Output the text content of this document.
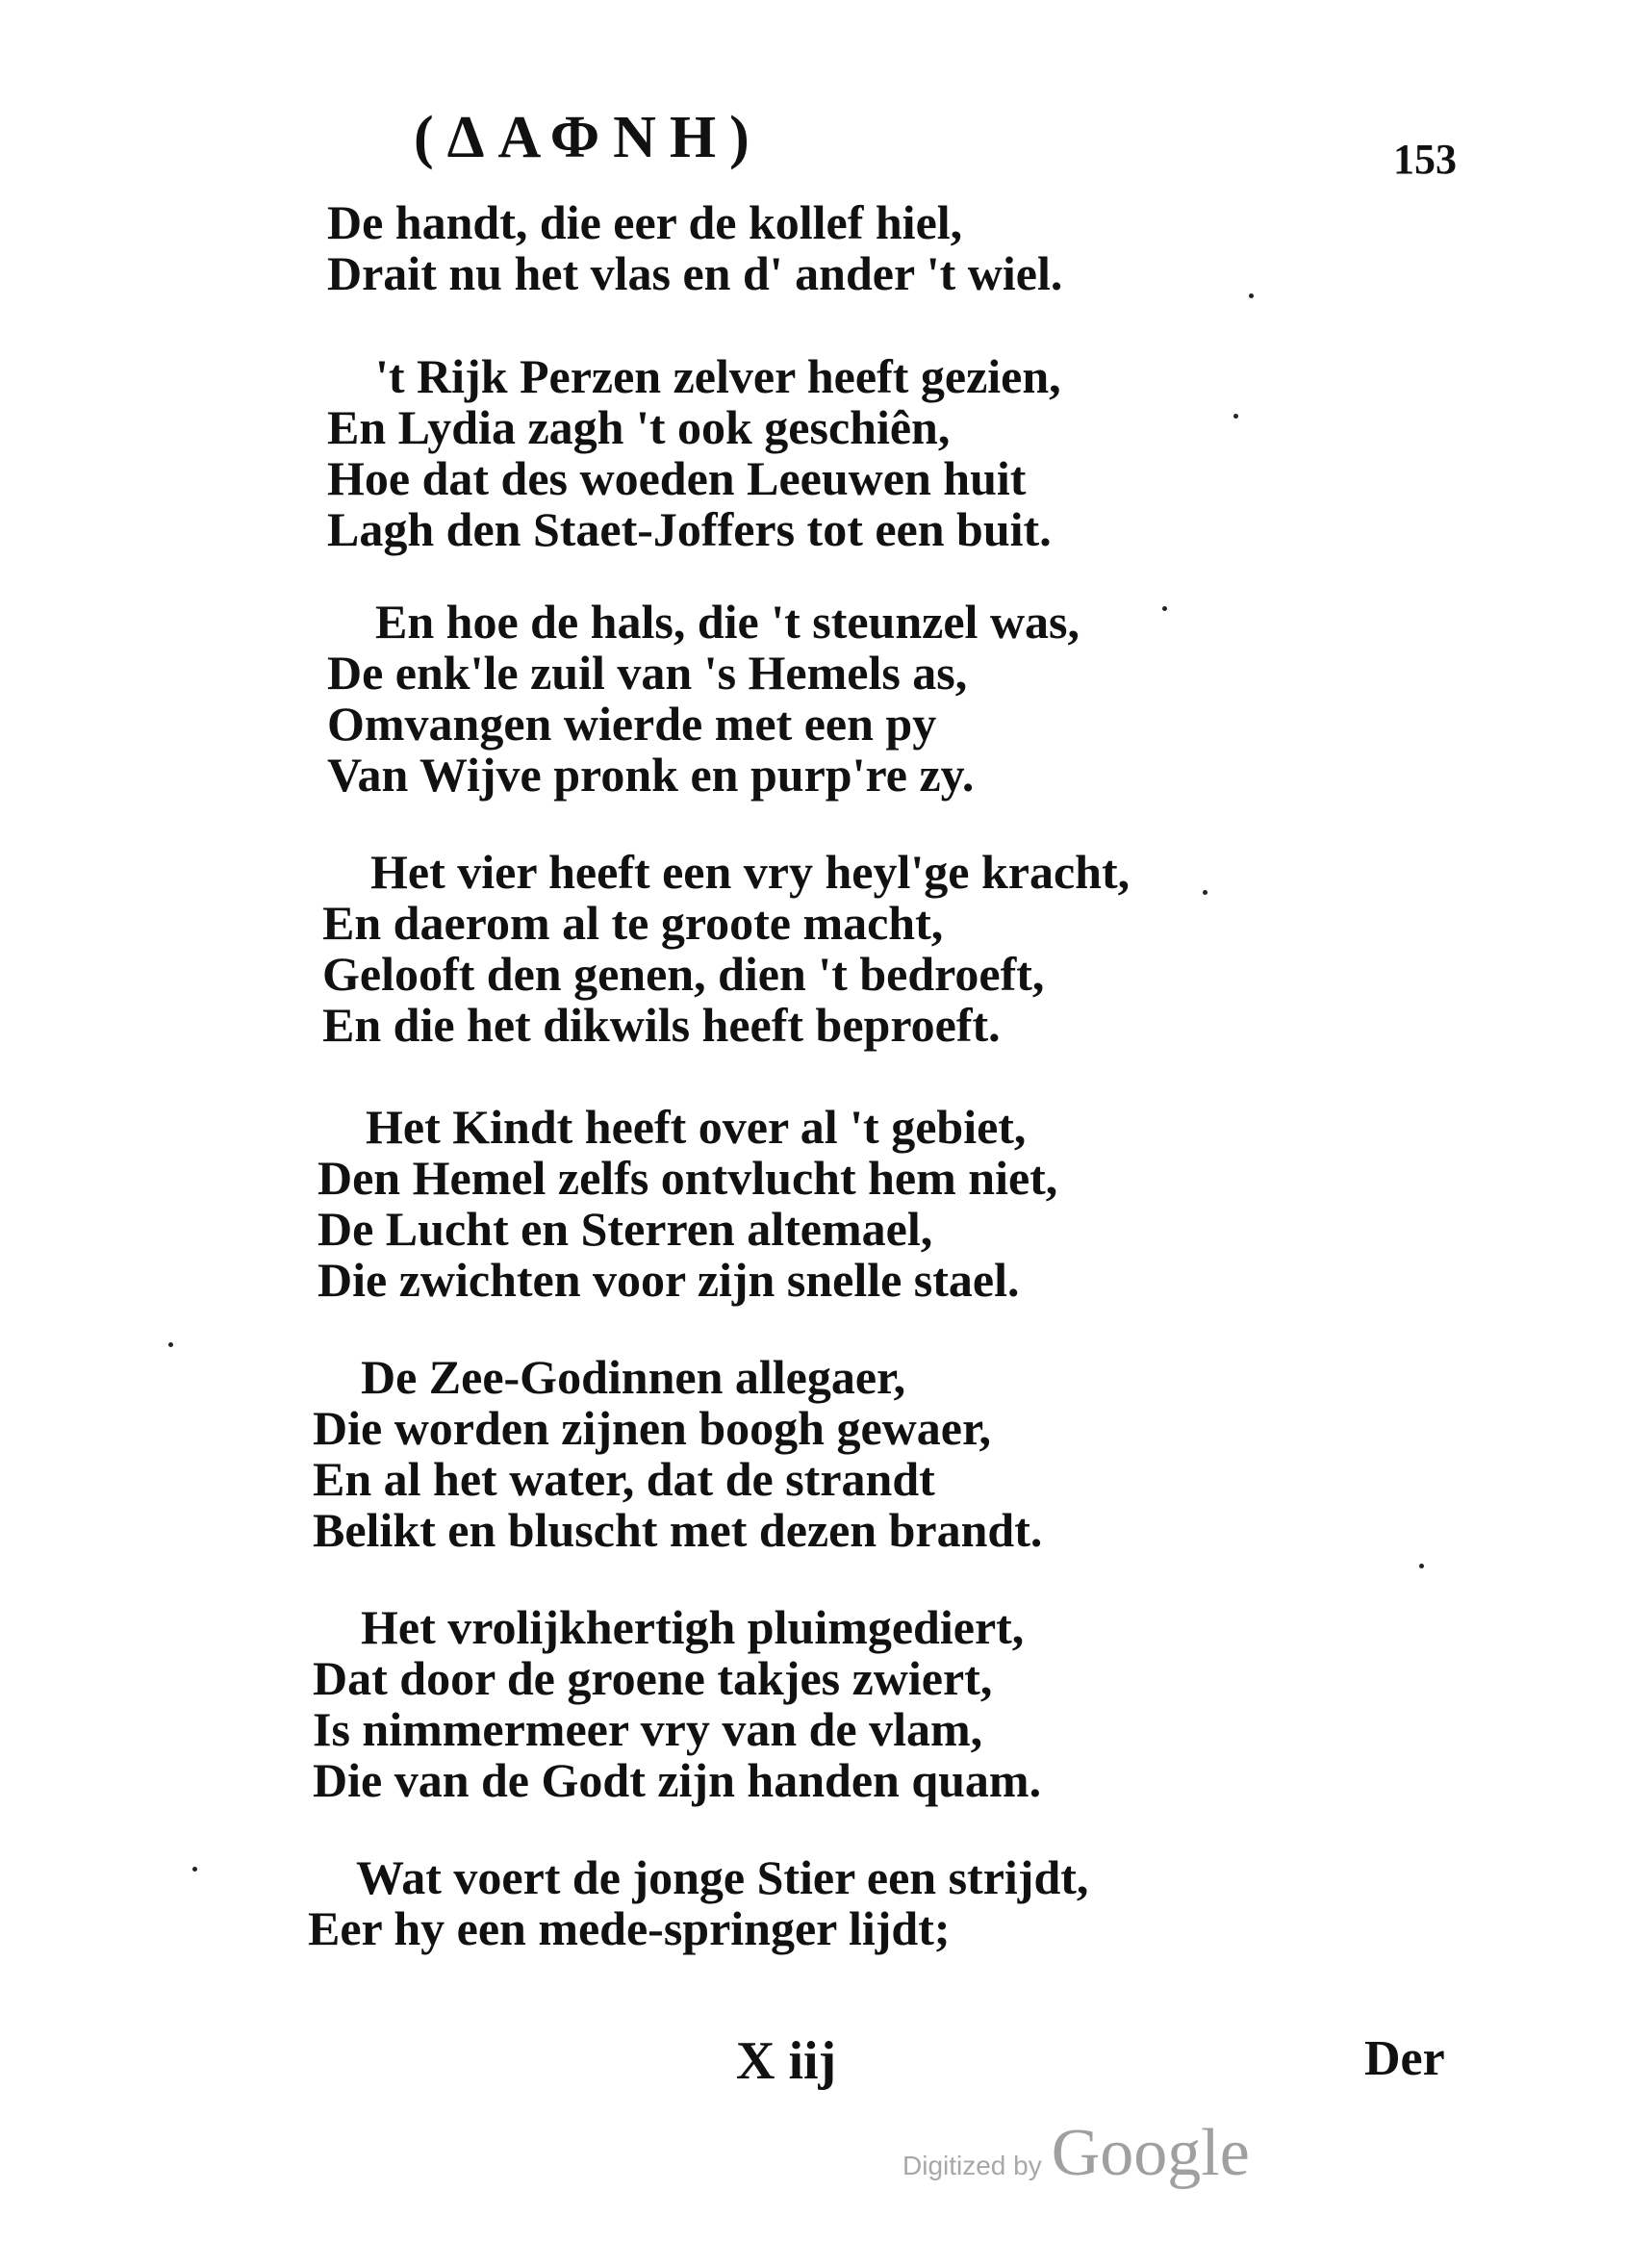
(ΔΑΦΝΗ)	153
De handt, die eer de kollef hiel,
Drait nu het vlas en d' ander 't wiel.
't Rijk Perzen zelver heeft gezien,
En Lydia zagh 't ook geschiên,
Hoe dat des woeden Leeuwen huit
Lagh den Staet-Joffers tot een buit.
En hoe de hals, die 't steunzel was,
De enk'le zuil van 's Hemels as,
Omvangen wierde met een py
Van Wijve pronk en purp're zy.
Het vier heeft een vry heyl'ge kracht,
En daerom al te groote macht,
Gelooft den genen, dien 't bedroeft,
En die het dikwils heeft beproeft.
Het Kindt heeft over al 't gebiet,
Den Hemel zelfs ontvlucht hem niet,
De Lucht en Sterren altemael,
Die zwichten voor zijn snelle stael.
De Zee-Godinnen allegaer,
Die worden zijnen boogh gewaer,
En al het water, dat de strandt
Belikt en bluscht met dezen brandt.
Het vrolijkhertigh pluimgediert,
Dat door de groene takjes zwiert,
Is nimmermeer vry van de vlam,
Die van de Godt zijn handen quam.
Wat voert de jonge Stier een strijdt,
Eer hy een mede-springer lijdt;
X iij	Der
Digitized by Google
